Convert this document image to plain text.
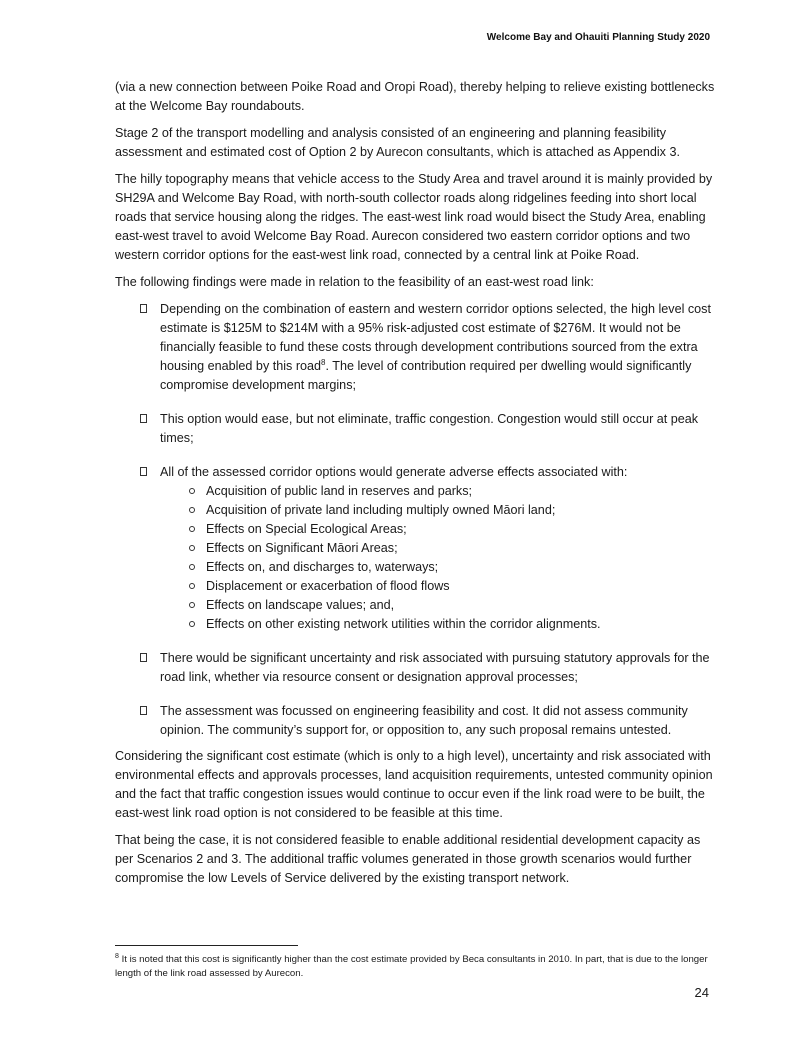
Welcome Bay and Ohauiti Planning Study 2020

(via a new connection between Poike Road and Oropi Road), thereby helping to relieve existing bottlenecks at the Welcome Bay roundabouts.

Stage 2 of the transport modelling and analysis consisted of an engineering and planning feasibility assessment and estimated cost of Option 2 by Aurecon consultants, which is attached as Appendix 3.

The hilly topography means that vehicle access to the Study Area and travel around it is mainly provided by SH29A and Welcome Bay Road, with north-south collector roads along ridgelines feeding into short local roads that service housing along the ridges. The east-west link road would bisect the Study Area, enabling east-west travel to avoid Welcome Bay Road. Aurecon considered two eastern corridor options and two western corridor options for the east-west link road, connected by a central link at Poike Road.

The following findings were made in relation to the feasibility of an east-west road link:

Depending on the combination of eastern and western corridor options selected, the high level cost estimate is $125M to $214M with a 95% risk-adjusted cost estimate of $276M. It would not be financially feasible to fund these costs through development contributions sourced from the extra housing enabled by this road$^8$. The level of contribution required per dwelling would significantly compromise development margins;
This option would ease, but not eliminate, traffic congestion. Congestion would still occur at peak times;
All of the assessed corridor options would generate adverse effects associated with:
Acquisition of public land in reserves and parks;
Acquisition of private land including multiply owned Māori land;
Effects on Special Ecological Areas;
Effects on Significant Māori Areas;
Effects on, and discharges to, waterways;
Displacement or exacerbation of flood flows
Effects on landscape values; and,
Effects on other existing network utilities within the corridor alignments.
There would be significant uncertainty and risk associated with pursuing statutory approvals for the road link, whether via resource consent or designation approval processes;
The assessment was focussed on engineering feasibility and cost. It did not assess community opinion. The community’s support for, or opposition to, any such proposal remains untested.

Considering the significant cost estimate (which is only to a high level), uncertainty and risk associated with environmental effects and approvals processes, land acquisition requirements, untested community opinion and the fact that traffic congestion issues would continue to occur even if the link road were to be built, the east-west link road option is not considered to be feasible at this time.

That being the case, it is not considered feasible to enable additional residential development capacity as per Scenarios 2 and 3. The additional traffic volumes generated in those growth scenarios would further compromise the low Levels of Service delivered by the existing transport network.

$^8$ It is noted that this cost is significantly higher than the cost estimate provided by Beca consultants in 2010. In part, that is due to the longer length of the link road assessed by Aurecon.
24
